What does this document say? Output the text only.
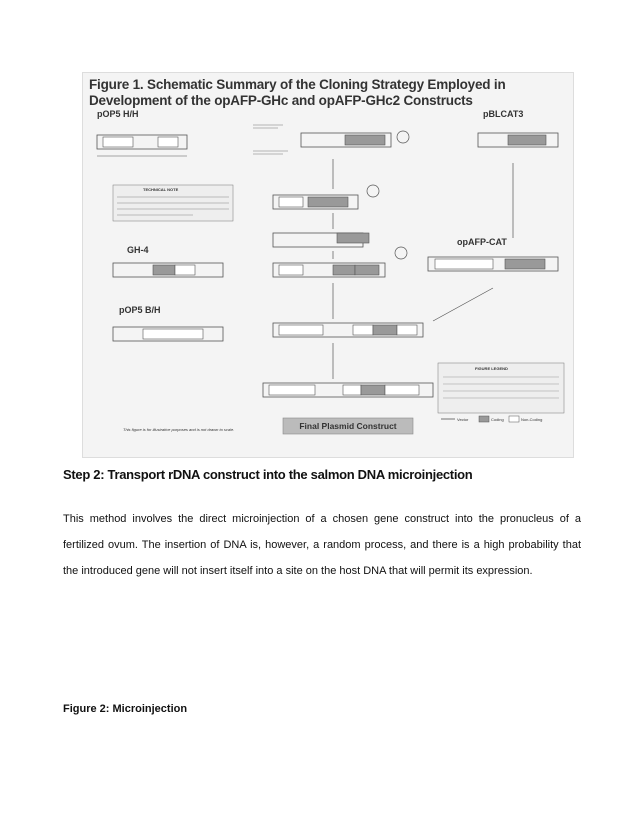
pOP5 H/H	pBLCAT3
TECHNICAL NOTE
GH-4
opAFP-CAT
pOP5 B/H
FIGURE LEGEND
Vector	Coding	Non-Coding
This figure is for illustrative purposes and is not drawn to scale.	Final Plasmid Construct
Figure 1. Schematic Summary of the Cloning Strategy Employed in Development of the opAFP-GHc and opAFP-GHc2 Constructs
Step 2: Transport rDNA construct into the salmon DNA microinjection
This method involves the direct microinjection of a chosen gene construct into the pronucleus of a fertilized ovum. The insertion of DNA is, however, a random process, and there is a high probability that the introduced gene will not insert itself into a site on the host DNA that will permit its expression.
Figure 2: Microinjection
